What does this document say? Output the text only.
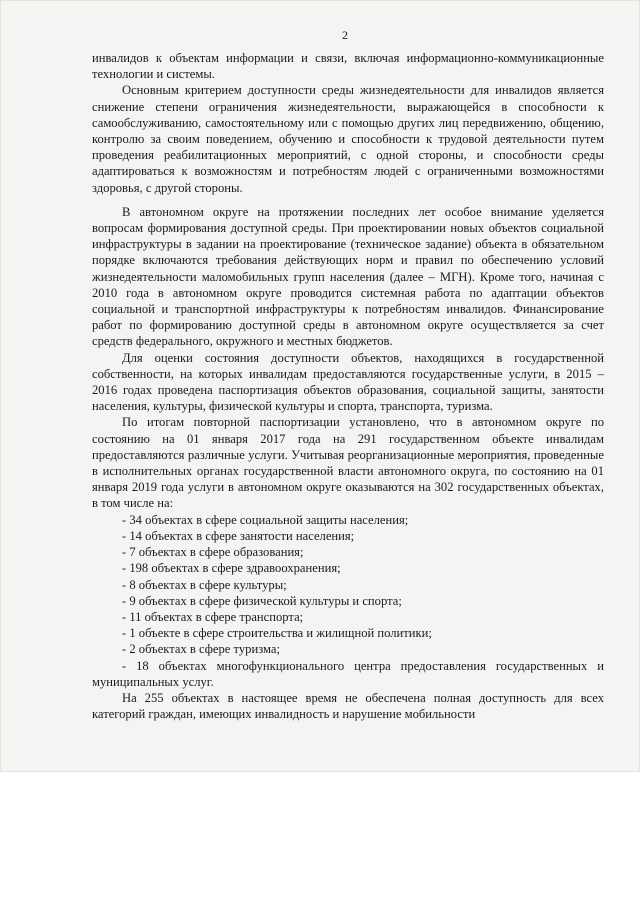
2

инвалидов к объектам информации и связи, включая информационно-коммуникационные технологии и системы.

Основным критерием доступности среды жизнедеятельности для инвалидов является снижение степени ограничения жизнедеятельности, выражающейся в способности к самообслуживанию, самостоятельному или с помощью других лиц передвижению, общению, контролю за своим поведением, обучению и способности к трудовой деятельности путем проведения реабилитационных мероприятий, с одной стороны, и способности среды адаптироваться к возможностям и потребностям людей с ограниченными возможностями здоровья, с другой стороны.

В автономном округе на протяжении последних лет особое внимание уделяется вопросам формирования доступной среды. При проектировании новых объектов социальной инфраструктуры в задании на проектирование (техническое задание) объекта в обязательном порядке включаются требования действующих норм и правил по обеспечению условий жизнедеятельности маломобильных групп населения (далее – МГН). Кроме того, начиная с 2010 года в автономном округе проводится системная работа по адаптации объектов социальной и транспортной инфраструктуры к потребностям инвалидов. Финансирование работ по формированию доступной среды в автономном округе осуществляется за счет средств федерального, окружного и местных бюджетов.

Для оценки состояния доступности объектов, находящихся в государственной собственности, на которых инвалидам предоставляются государственные услуги, в 2015 – 2016 годах проведена паспортизация объектов образования, социальной защиты, занятости населения, культуры, физической культуры и спорта, транспорта, туризма.

По итогам повторной паспортизации установлено, что в автономном округе по состоянию на 01 января 2017 года на 291 государственном объекте инвалидам предоставляются различные услуги. Учитывая реорганизационные мероприятия, проведенные в исполнительных органах государственной власти автономного округа, по состоянию на 01 января 2019 года услуги в автономном округе оказываются на 302 государственных объектах, в том числе на:

- 34 объектах в сфере социальной защиты населения;
- 14 объектах в сфере занятости населения;
- 7 объектах в сфере образования;
- 198 объектах в сфере здравоохранения;
- 8 объектах в сфере культуры;
- 9 объектах в сфере физической культуры и спорта;
- 11 объектах в сфере транспорта;
- 1 объекте в сфере строительства и жилищной политики;
- 2 объектах в сфере туризма;

- 18 объектах многофункционального центра предоставления государственных и муниципальных услуг.

На 255 объектах в настоящее время не обеспечена полная доступность для всех категорий граждан, имеющих инвалидность и нарушение мобильности
